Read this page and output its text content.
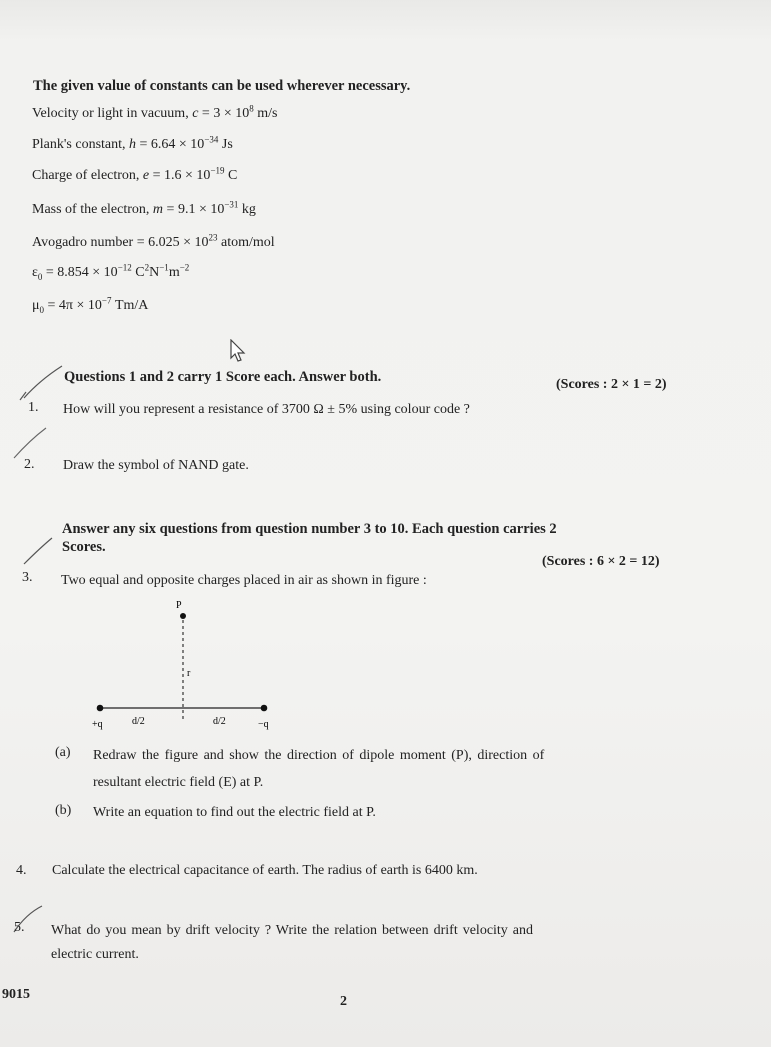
The given value of constants can be used wherever necessary.
Velocity or light in vacuum, $c = 3 \times 10^8$ m/s
Plank's constant, $h = 6.64 \times 10^{-34}$ Js
Charge of electron, $e = 1.6 \times 10^{-19}$ C
Mass of the electron, $m = 9.1 \times 10^{-31}$ kg
Avogadro number = $6.025 \times 10^{23}$ atom/mol
$\varepsilon_0 = 8.854 \times 10^{-12}$ $C^2N^{-1}m^{-2}$
$\mu_0 = 4\pi \times 10^{-7}$ Tm/A
Questions 1 and 2 carry 1 Score each. Answer both.	(Scores : 2 × 1 = 2)
1. How will you represent a resistance of 3700 Ω ± 5% using colour code ?
2. Draw the symbol of NAND gate.
Answer any six questions from question number 3 to 10. Each question carries 2
Scores.
(Scores : 6 × 2 = 12)
3. Two equal and opposite charges placed in air as shown in figure :
P
r
+q	d/2	d/2	−q
(a) Redraw the figure and show the direction of dipole moment (P), direction of
resultant electric field (E) at P.
(b) Write an equation to find out the electric field at P.
4. Calculate the electrical capacitance of earth. The radius of earth is 6400 km.
5. What do you mean by drift velocity ? Write the relation between drift velocity and
electric current.
9015	2
